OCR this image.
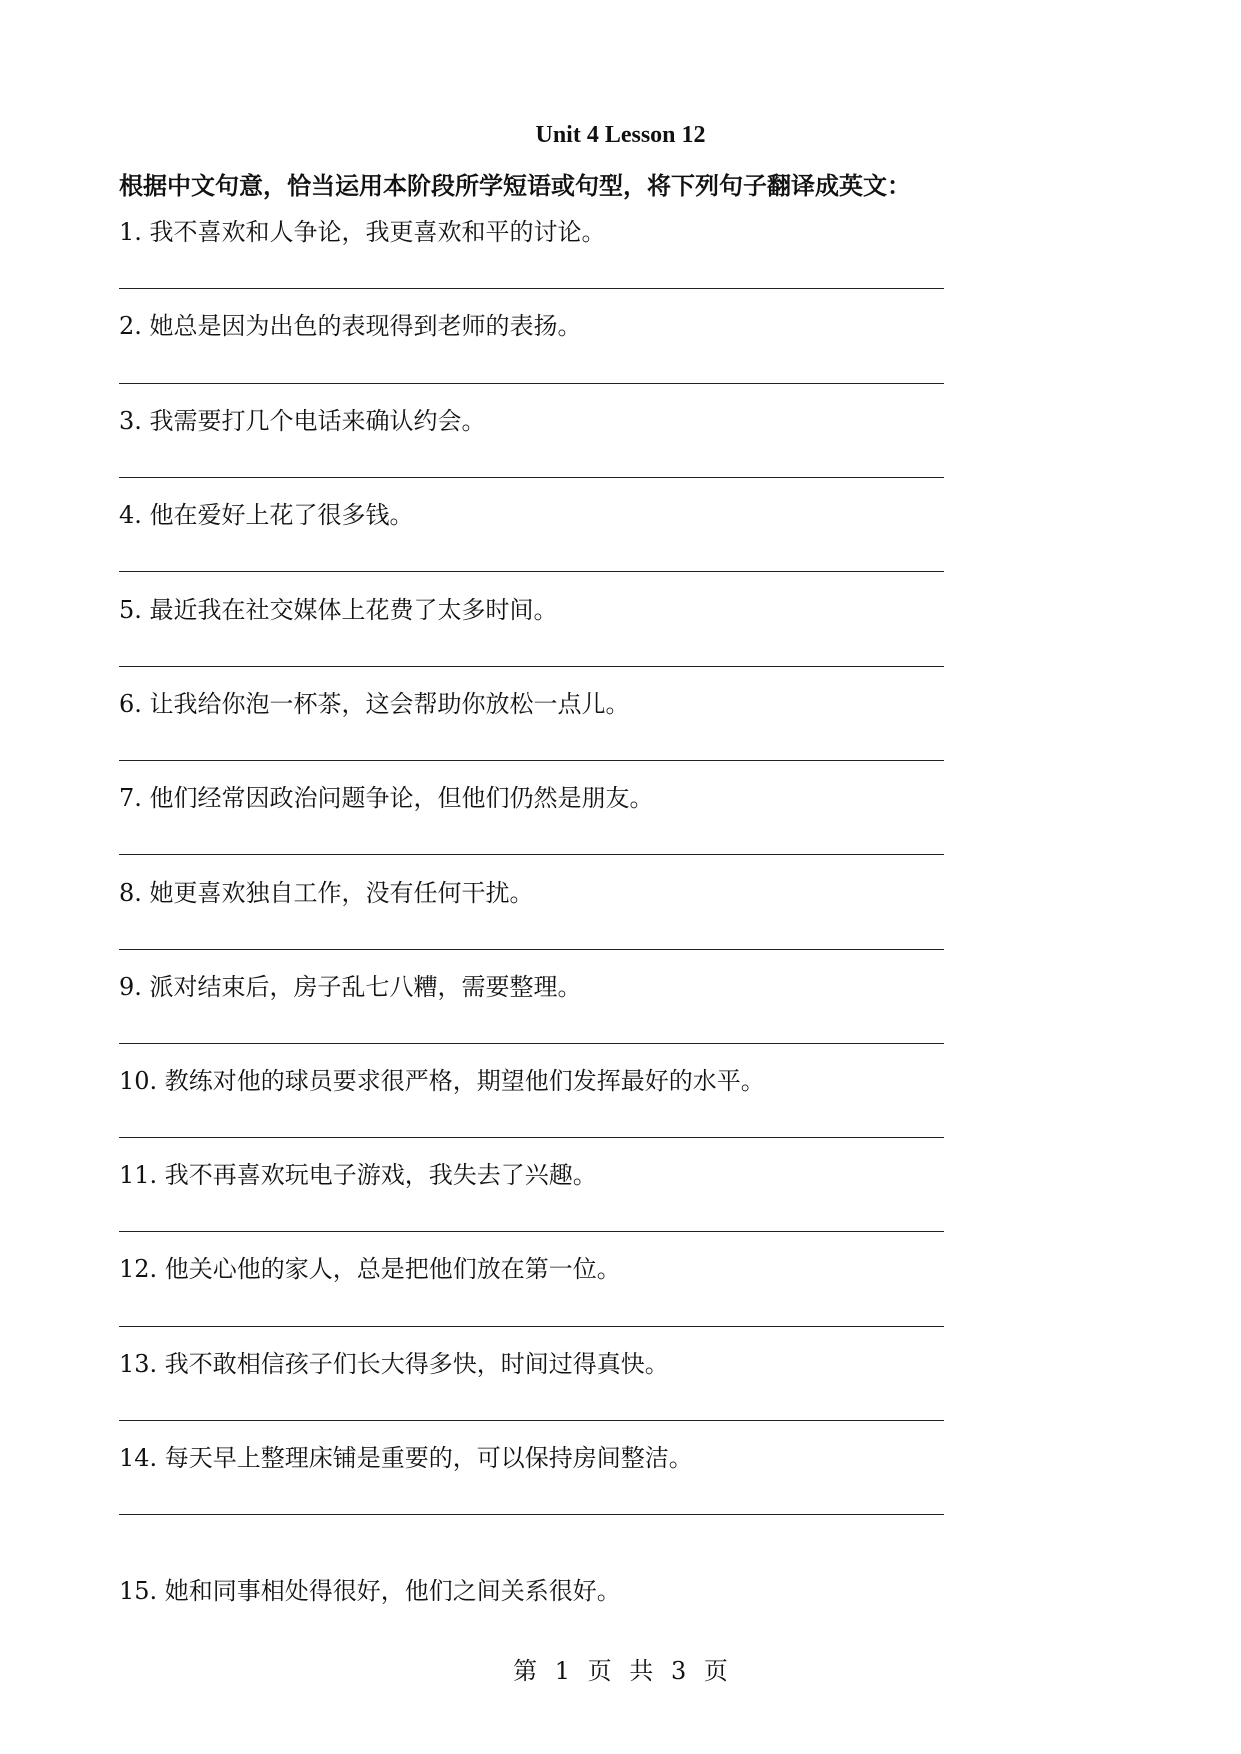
Unit 4 Lesson 12
根据中文句意，恰当运用本阶段所学短语或句型，将下列句子翻译成英文：
1. 我不喜欢和人争论，我更喜欢和平的讨论。
2. 她总是因为出色的表现得到老师的表扬。
3. 我需要打几个电话来确认约会。
4. 他在爱好上花了很多钱。
5. 最近我在社交媒体上花费了太多时间。
6. 让我给你泡一杯茶，这会帮助你放松一点儿。
7. 他们经常因政治问题争论，但他们仍然是朋友。
8. 她更喜欢独自工作，没有任何干扰。
9. 派对结束后，房子乱七八糟，需要整理。
10. 教练对他的球员要求很严格，期望他们发挥最好的水平。
11. 我不再喜欢玩电子游戏，我失去了兴趣。
12. 他关心他的家人，总是把他们放在第一位。
13. 我不敢相信孩子们长大得多快，时间过得真快。
14. 每天早上整理床铺是重要的，可以保持房间整洁。
15. 她和同事相处得很好，他们之间关系很好。
第 1 页 共 3 页
